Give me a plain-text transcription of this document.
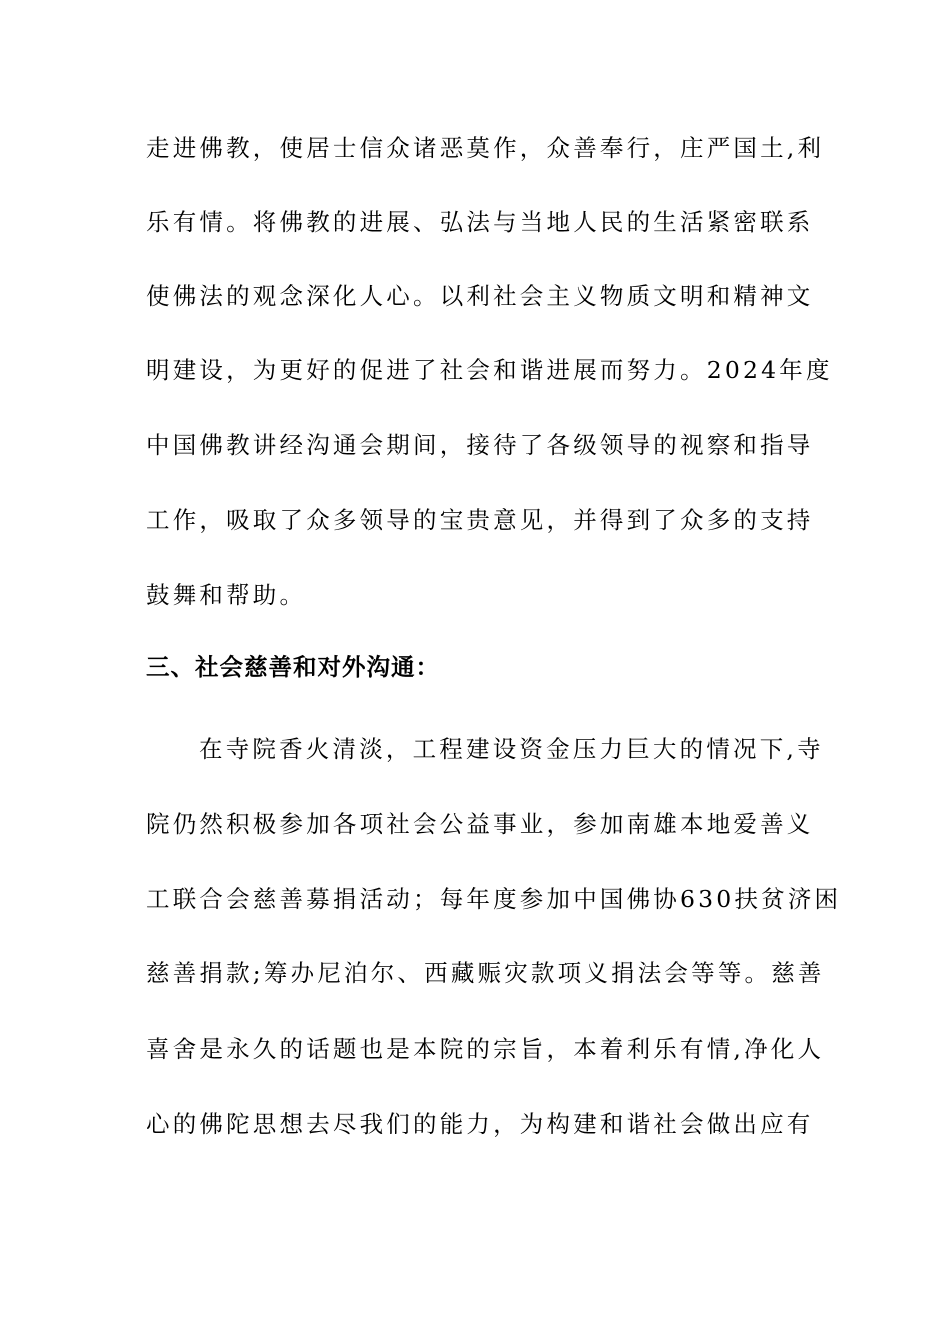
走进佛教，使居士信众诸恶莫作，众善奉行，庄严国土,利
乐有情。将佛教的进展、弘法与当地人民的生活紧密联系
使佛法的观念深化人心。以利社会主义物质文明和精神文
明建设，为更好的促进了社会和谐进展而努力。2024年度
中国佛教讲经沟通会期间，接待了各级领导的视察和指导
工作，吸取了众多领导的宝贵意见，并得到了众多的支持
鼓舞和帮助。
三、社会慈善和对外沟通：
在寺院香火清淡，工程建设资金压力巨大的情况下,寺
院仍然积极参加各项社会公益事业，参加南雄本地爱善义
工联合会慈善募捐活动；每年度参加中国佛协630扶贫济困
慈善捐款;筹办尼泊尔、西藏赈灾款项义捐法会等等。慈善
喜舍是永久的话题也是本院的宗旨，本着利乐有情,净化人
心的佛陀思想去尽我们的能力，为构建和谐社会做出应有
